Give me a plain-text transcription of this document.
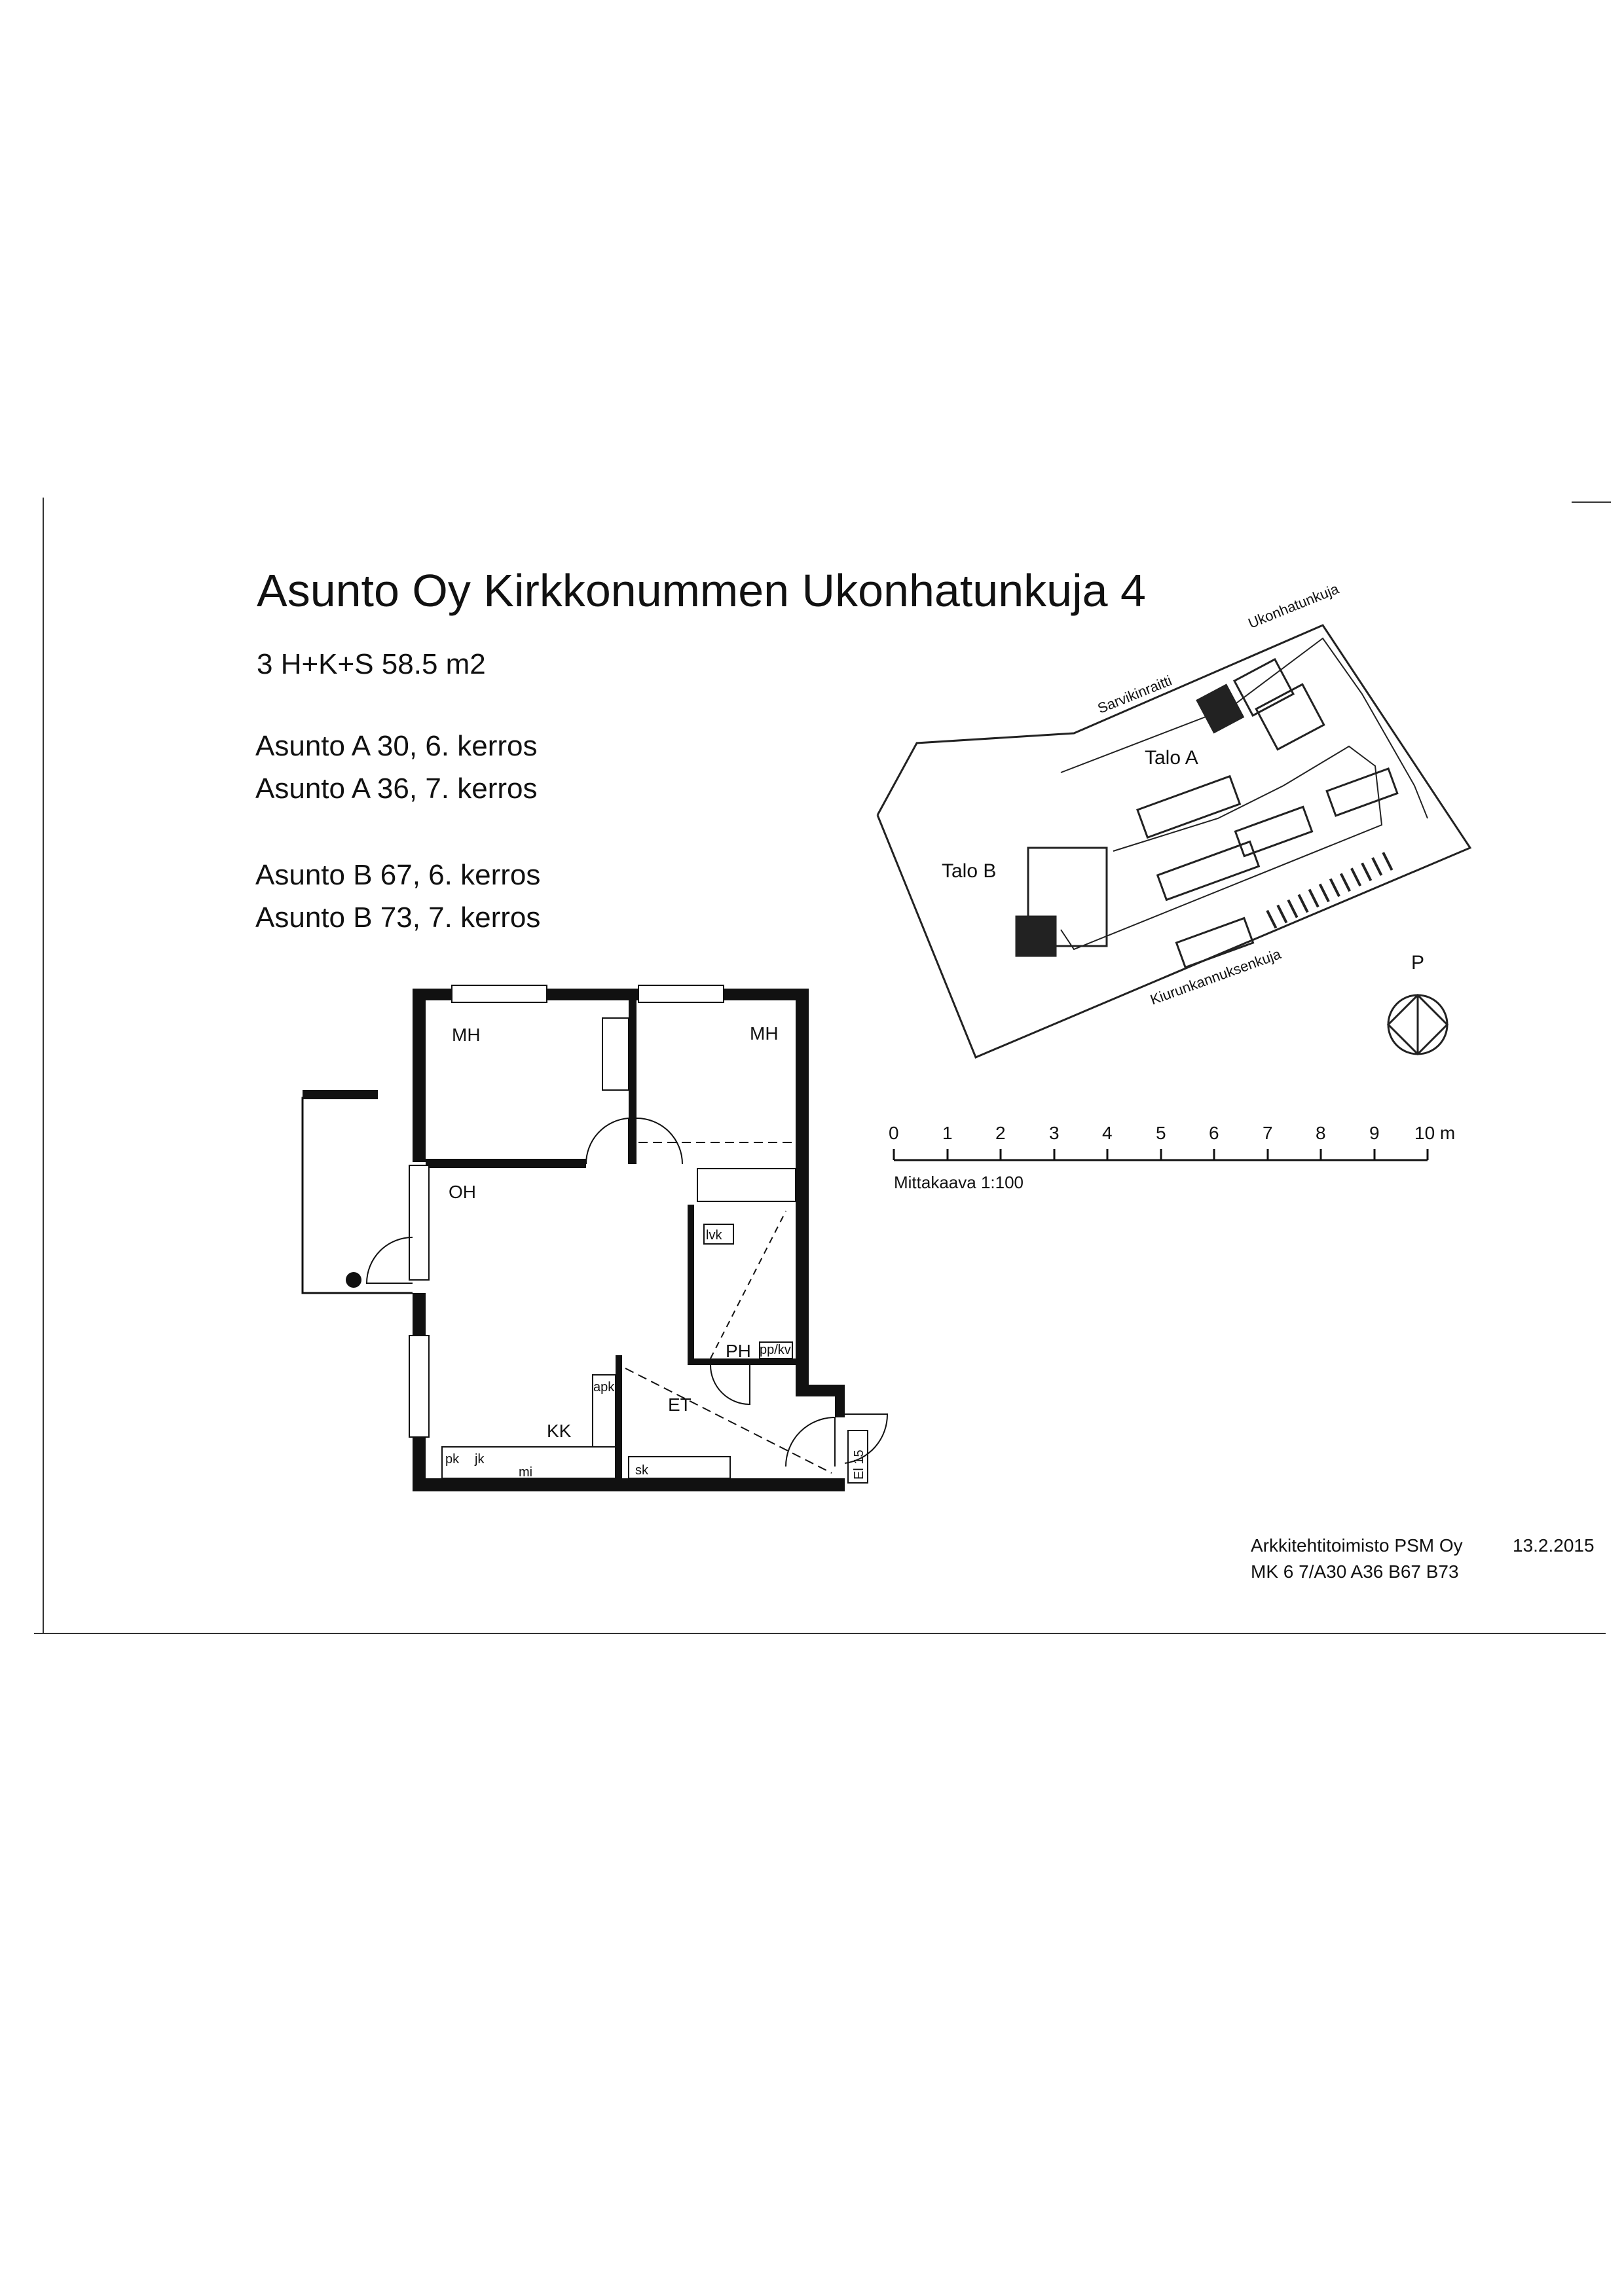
Asunto Oy Kirkkonummen Ukonhatunkuja 4
3 H+K+S 58.5 m2
Asunto A 30, 6. kerros
Asunto A 36, 7. kerros
Asunto B 67, 6. kerros
Asunto B 73, 7. kerros
Ukonhatunkuja
Sarvikinraitti
Kiurunkannuksenkuja
Talo A
Talo B
P
0 1 2 3 4 5 6 7 8 9 10 m
Mittakaava 1:100
MH	MH
OH
KK
PH
ET
lvk
pp/kv
apk
pk jk
mi	sk	El 15
Arkkitehtitoimisto PSM Oy
MK 6 7/A30 A36 B67 B73
13.2.2015
